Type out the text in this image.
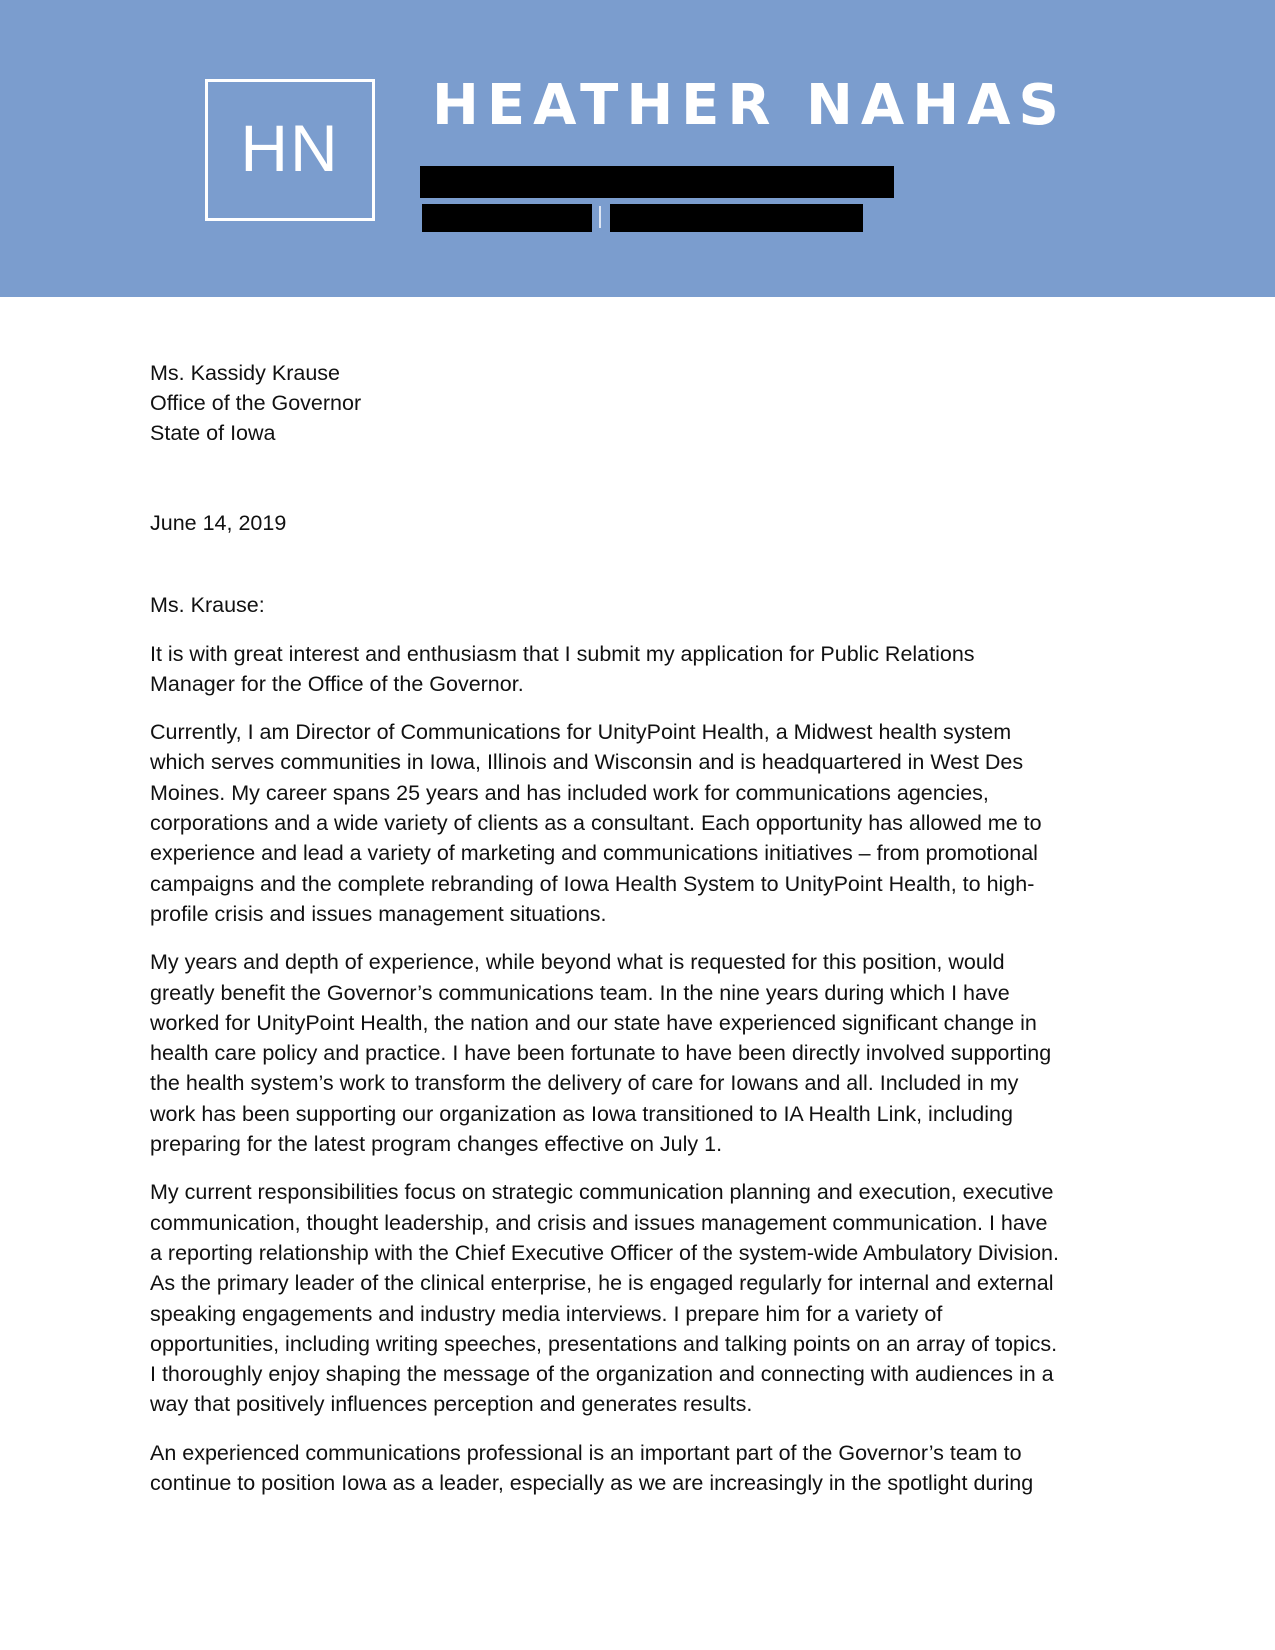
HN
HEATHER NAHAS
Ms. Kassidy Krause
Office of the Governor
State of Iowa
June 14, 2019
Ms. Krause:

It is with great interest and enthusiasm that I submit my application for Public Relations
Manager for the Office of the Governor.

Currently, I am Director of Communications for UnityPoint Health, a Midwest health system
which serves communities in Iowa, Illinois and Wisconsin and is headquartered in West Des
Moines. My career spans 25 years and has included work for communications agencies,
corporations and a wide variety of clients as a consultant. Each opportunity has allowed me to
experience and lead a variety of marketing and communications initiatives – from promotional
campaigns and the complete rebranding of Iowa Health System to UnityPoint Health, to high-
profile crisis and issues management situations.

My years and depth of experience, while beyond what is requested for this position, would
greatly benefit the Governor’s communications team. In the nine years during which I have
worked for UnityPoint Health, the nation and our state have experienced significant change in
health care policy and practice. I have been fortunate to have been directly involved supporting
the health system’s work to transform the delivery of care for Iowans and all. Included in my
work has been supporting our organization as Iowa transitioned to IA Health Link, including
preparing for the latest program changes effective on July 1.

My current responsibilities focus on strategic communication planning and execution, executive
communication, thought leadership, and crisis and issues management communication. I have
a reporting relationship with the Chief Executive Officer of the system-wide Ambulatory Division.
As the primary leader of the clinical enterprise, he is engaged regularly for internal and external
speaking engagements and industry media interviews. I prepare him for a variety of
opportunities, including writing speeches, presentations and talking points on an array of topics.
I thoroughly enjoy shaping the message of the organization and connecting with audiences in a
way that positively influences perception and generates results.

An experienced communications professional is an important part of the Governor’s team to
continue to position Iowa as a leader, especially as we are increasingly in the spotlight during
